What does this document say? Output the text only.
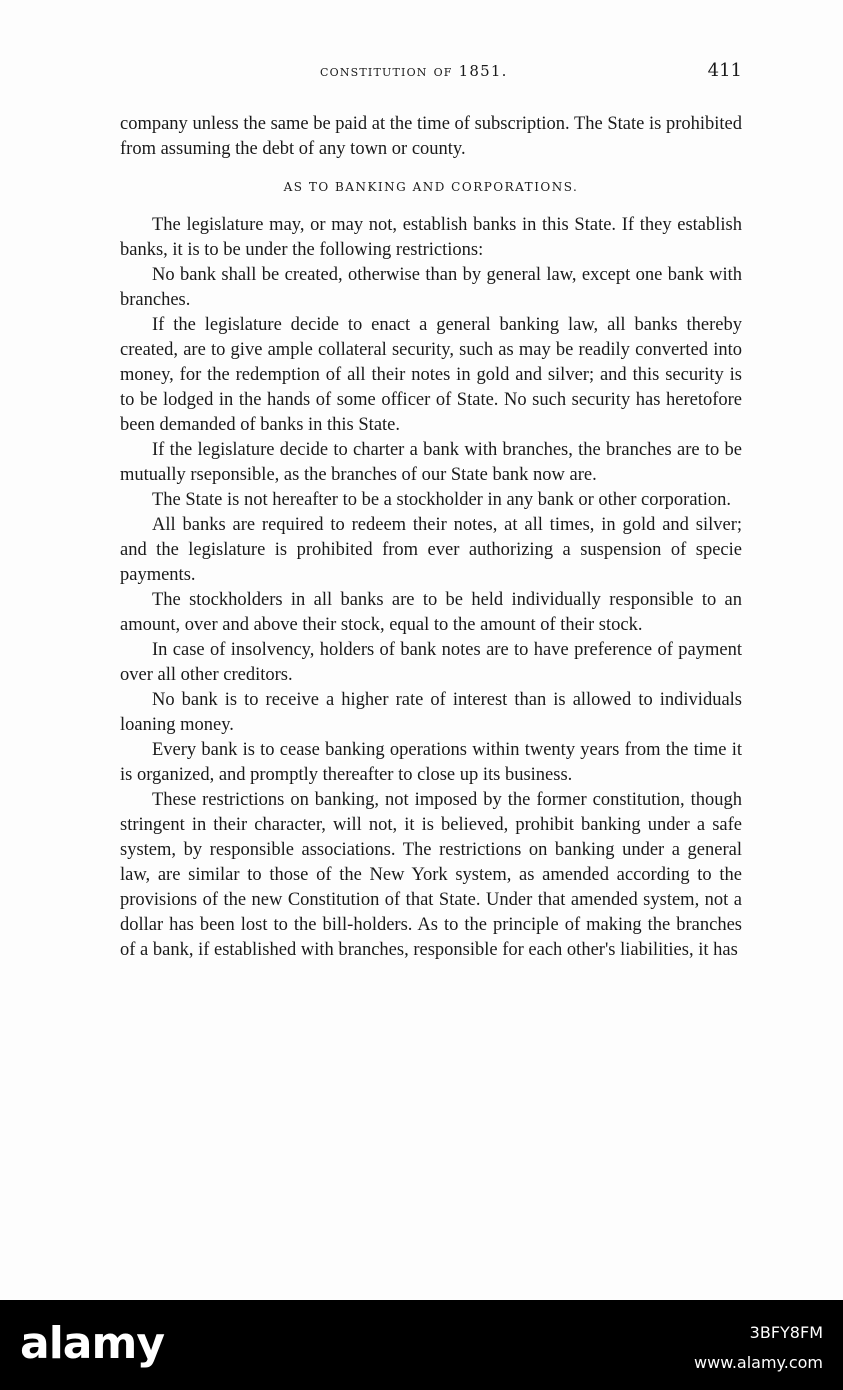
constitution of 1851.	411

company unless the same be paid at the time of subscription. The State is prohibited from assuming the debt of any town or county.

AS TO BANKING AND CORPORATIONS.

The legislature may, or may not, establish banks in this State. If they establish banks, it is to be under the following restrictions:

No bank shall be created, otherwise than by general law, except one bank with branches.

If the legislature decide to enact a general banking law, all banks thereby created, are to give ample collateral security, such as may be readily converted into money, for the redemption of all their notes in gold and silver; and this security is to be lodged in the hands of some officer of State. No such security has heretofore been demanded of banks in this State.

If the legislature decide to charter a bank with branches, the branches are to be mutually rseponsible, as the branches of our State bank now are.

The State is not hereafter to be a stockholder in any bank or other corporation.

All banks are required to redeem their notes, at all times, in gold and silver; and the legislature is prohibited from ever authorizing a suspension of specie payments.

The stockholders in all banks are to be held individually responsible to an amount, over and above their stock, equal to the amount of their stock.

In case of insolvency, holders of bank notes are to have preference of payment over all other creditors.

No bank is to receive a higher rate of interest than is allowed to individuals loaning money.

Every bank is to cease banking operations within twenty years from the time it is organized, and promptly thereafter to close up its business.

These restrictions on banking, not imposed by the former constitution, though stringent in their character, will not, it is believed, prohibit banking under a safe system, by responsible associations. The restrictions on banking under a general law, are similar to those of the New York system, as amended according to the provisions of the new Constitution of that State. Under that amended system, not a dollar has been lost to the bill-holders. As to the principle of making the branches of a bank, if established with branches, responsible for each other's liabilities, it has

alamy	3BFY8FM
www.alamy.com
